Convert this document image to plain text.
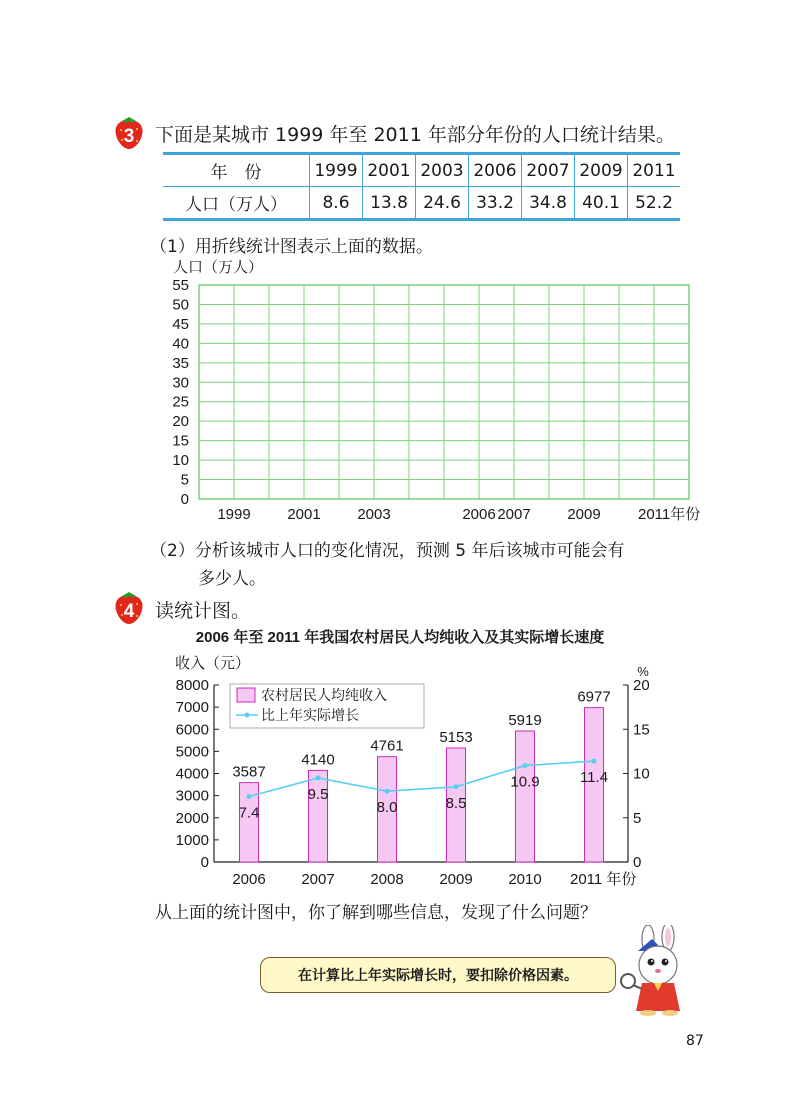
3 下面是某城市 1999 年至 2011 年部分年份的人口统计结果。
年　份	1999	2001	2003	2006	2007	2009	2011
人口（万人）	8.6	13.8	24.6	33.2	34.8	40.1	52.2
（1）用折线统计图表示上面的数据。
0
5
10
15
20
25
30
35
40
45
50
55
人口（万人）
1999 2001 2003	2006 2007 2009 2011年份
（2）分析该城市人口的变化情况，预测 5 年后该城市可能会有
多少人。
4 读统计图。
2006 年至 2011 年我国农村居民人均纯收入及其实际增长速度
收入（元）	%
0
1000
2000
3000
4000
5000
6000
7000
8000
0
5
10
15
20
3587
2006
4140
2007
4761
2008
5153
2009
5919
2010
6977
2011 年份
7.4
9.5
8.0	8.5
10.9	11.4
农村居民人均纯收入
比上年实际增长
从上面的统计图中，你了解到哪些信息，发现了什么问题？
在计算比上年实际增长时，要扣除价格因素。
87
